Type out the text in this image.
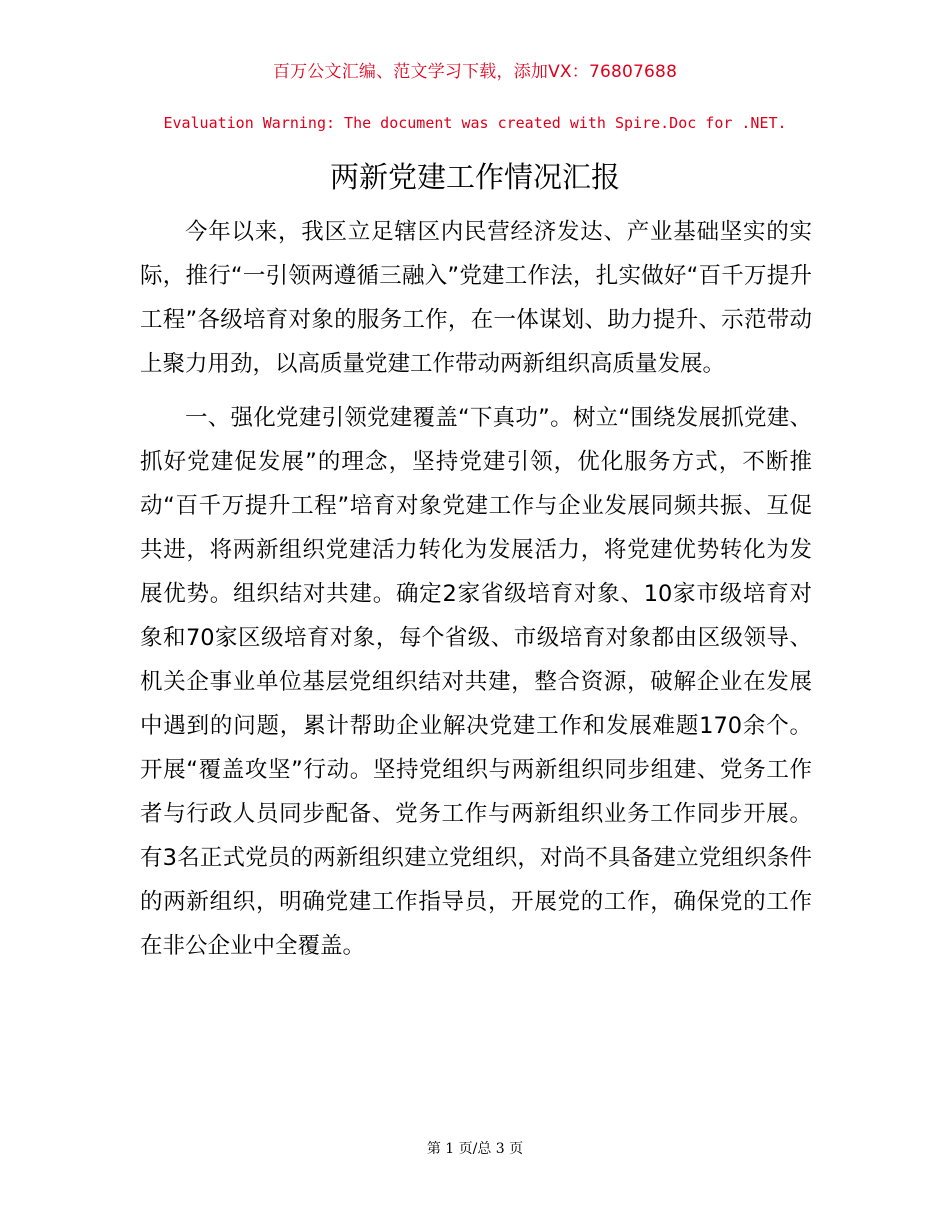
百万公文汇编、范文学习下载，添加VX：76807688
Evaluation Warning: The document was created with Spire.Doc for .NET.
两新党建工作情况汇报

今年以来，我区立足辖区内民营经济发达、产业基础坚实的实际，推行“一引领两遵循三融入”党建工作法，扎实做好“百千万提升工程”各级培育对象的服务工作，在一体谋划、助力提升、示范带动上聚力用劲，以高质量党建工作带动两新组织高质量发展。

一、强化党建引领党建覆盖“下真功”。树立“围绕发展抓党建、抓好党建促发展”的理念，坚持党建引领，优化服务方式，不断推动“百千万提升工程”培育对象党建工作与企业发展同频共振、互促共进，将两新组织党建活力转化为发展活力，将党建优势转化为发展优势。组织结对共建。确定2家省级培育对象、10家市级培育对象和70家区级培育对象，每个省级、市级培育对象都由区级领导、机关企事业单位基层党组织结对共建，整合资源，破解企业在发展中遇到的问题，累计帮助企业解决党建工作和发展难题170余个。开展“覆盖攻坚”行动。坚持党组织与两新组织同步组建、党务工作者与行政人员同步配备、党务工作与两新组织业务工作同步开展。有3名正式党员的两新组织建立党组织，对尚不具备建立党组织条件的两新组织，明确党建工作指导员，开展党的工作，确保党的工作在非公企业中全覆盖。

第 1 页/总 3 页
